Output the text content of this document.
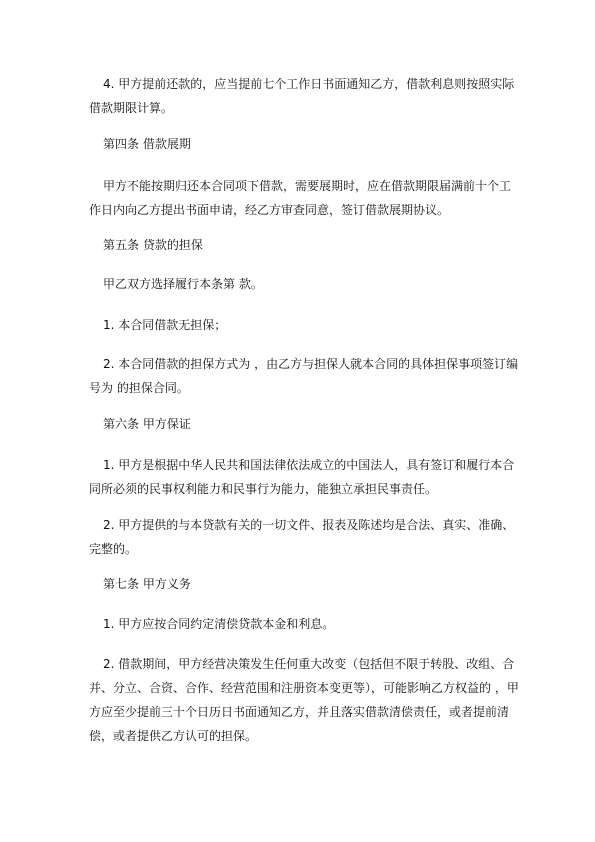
4. 甲方提前还款的，应当提前七个工作日书面通知乙方，借款利息则按照实际借款期限计算。

第四条 借款展期

甲方不能按期归还本合同项下借款，需要展期时，应在借款期限届满前十个工作日内向乙方提出书面申请，经乙方审查同意，签订借款展期协议。

第五条 贷款的担保

甲乙双方选择履行本条第 款。

1. 本合同借款无担保；

2. 本合同借款的担保方式为 ，由乙方与担保人就本合同的具体担保事项签订编号为 的担保合同。

第六条 甲方保证

1. 甲方是根据中华人民共和国法律依法成立的中国法人，具有签订和履行本合同所必须的民事权利能力和民事行为能力，能独立承担民事责任。

2. 甲方提供的与本贷款有关的一切文件、报表及陈述均是合法、真实、准确、完整的。

第七条 甲方义务

1. 甲方应按合同约定清偿贷款本金和利息。

2. 借款期间，甲方经营决策发生任何重大改变（包括但不限于转股、改组、合并、分立、合资、合作、经营范围和注册资本变更等），可能影响乙方权益的 ，甲方应至少提前三十个日历日书面通知乙方，并且落实借款清偿责任，或者提前清偿，或者提供乙方认可的担保。
